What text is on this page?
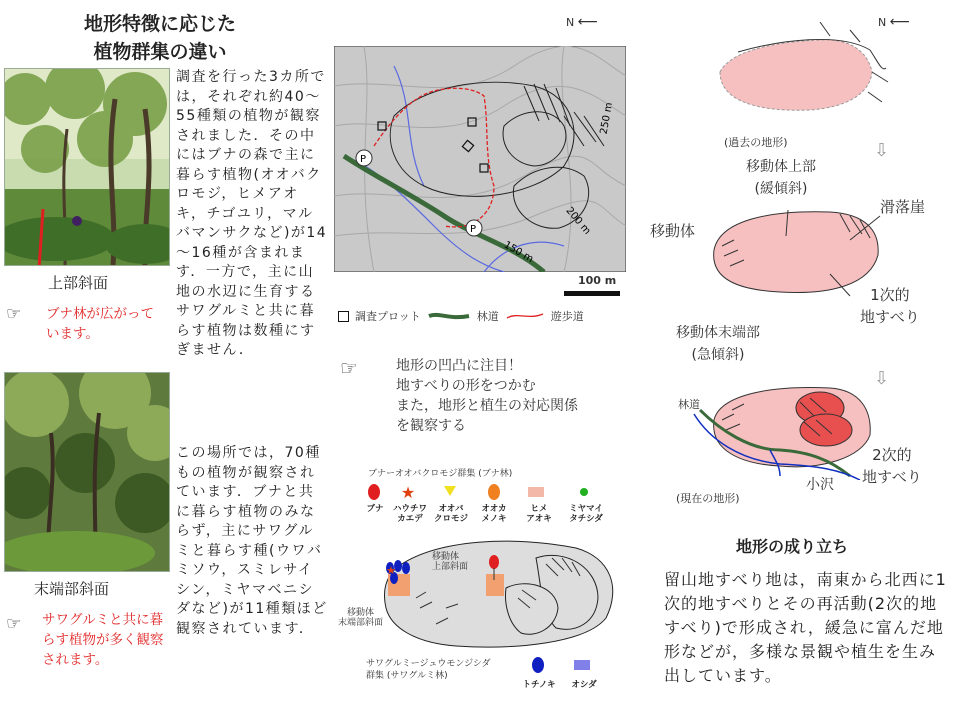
地形特徴に応じた
植物群集の違い
上部斜面
☞ ブナ林が広がっています。
末端部斜面
☞ サワグルミと共に暮らす植物が多く観察されます。
調査を行った3カ所では，それぞれ約40～55種類の植物が観察されました．その中にはブナの森で主に暮らす植物(オオバクロモジ，ヒメアオキ，チゴユリ，マルバマンサクなど)が14～16種が含まれます．一方で，主に山地の水辺に生育するサワグルミと共に暮らす植物は数種にすぎません．
この場所では，70種もの植物が観察されています．ブナと共に暮らす植物のみならず，主にサワグルミと暮らす種(ウワバミソウ，スミレサイシン，ミヤマベニシダなど)が11種類ほど観察されています．
N ⟵
P
P
250 m
200 m
150 m
100 m
調査プロット	林道	遊歩道
☞	地形の凹凸に注目！
地すべりの形をつかむ
また，地形と植生の対応関係
を観察する
ブナーオオバクロモジ群集 (ブナ林)
★
ブナ	ハウチワ
カエデ
オオバ
クロモジ
オオカ
メノキ
ヒメ
アオキ
ミヤマイ
タチシダ
★
移動体
上部斜面
移動体
末端部斜面
サワグルミージュウモンジシダ
群集 (サワグルミ林)
トチノキ	オシダ
N ⟵
(過去の地形)	⇩
移動体上部
(緩傾斜)
滑落崖
移動体
1次的
地すべり
移動体末端部
(急傾斜)
⇩
林道
2次的
地すべり
小沢
(現在の地形)
地形の成り立ち
留山地すべり地は，南東から北西に1次的地すべりとその再活動(2次的地すべり)で形成され，緩急に富んだ地形などが，多様な景観や植生を生み出しています。
